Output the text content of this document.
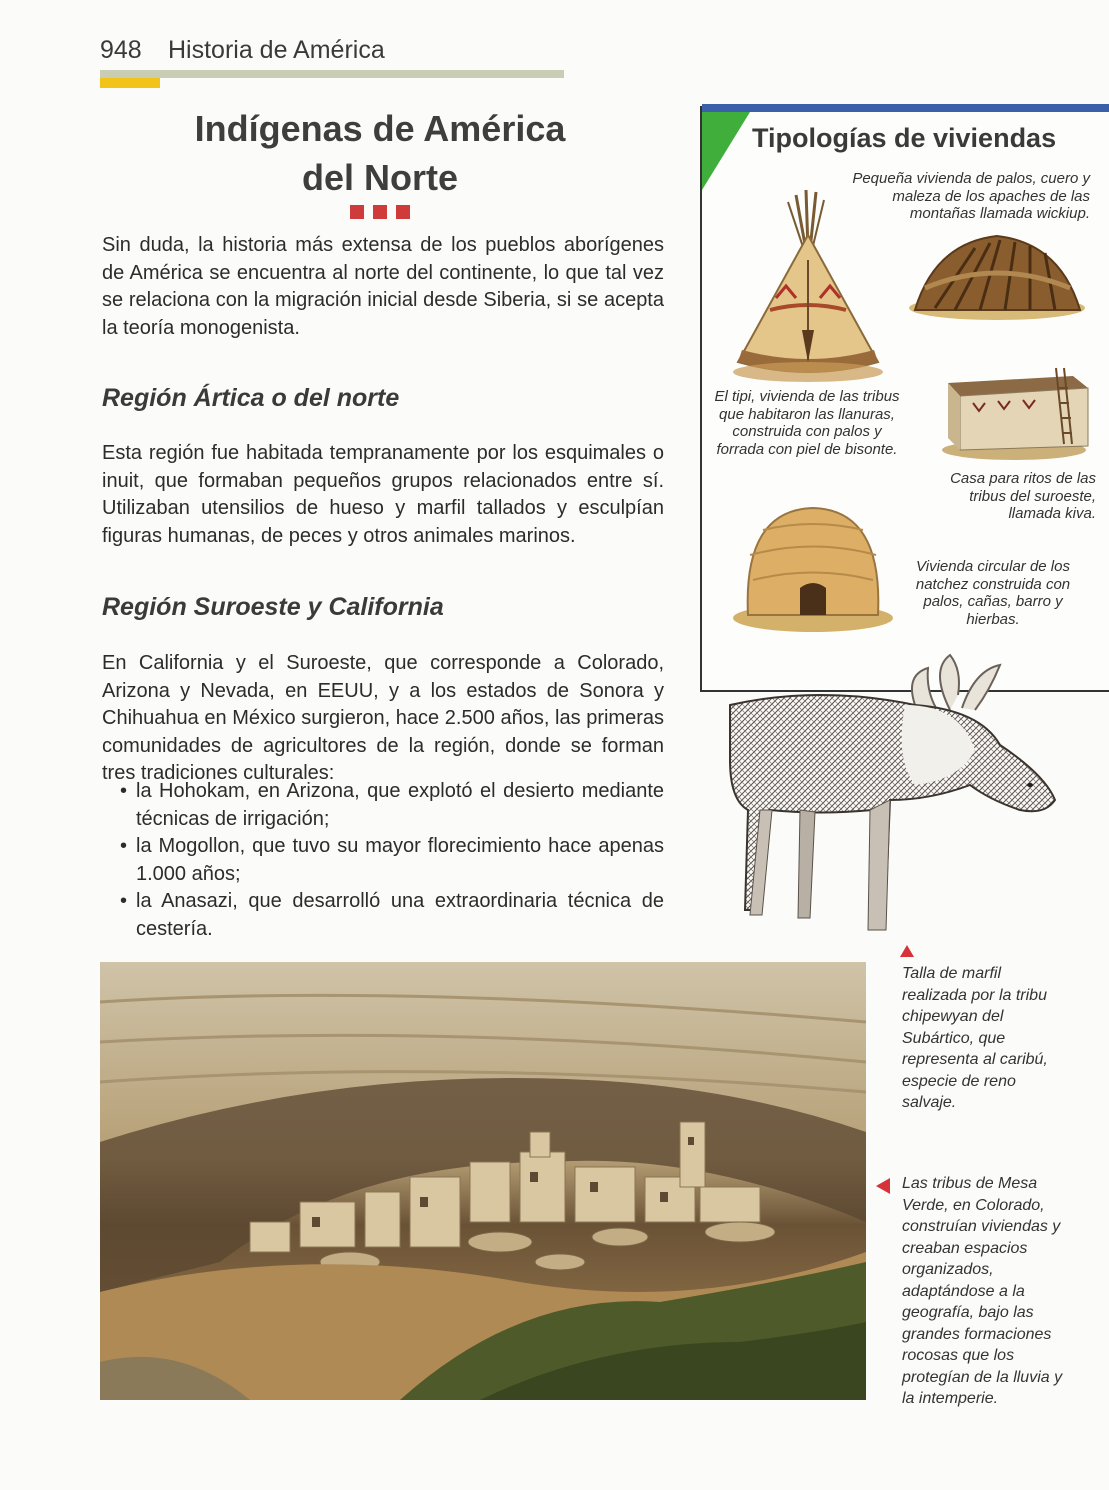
948 Historia de América
Indígenas de América
del Norte
Sin duda, la historia más extensa de los pueblos aborígenes de América se encuentra al norte del continente, lo que tal vez se relaciona con la migración inicial desde Siberia, si se acepta la teoría monogenista.
Región Ártica o del norte
Esta región fue habitada tempranamente por los esquimales o inuit, que formaban pequeños grupos relacionados entre sí. Utilizaban utensilios de hueso y marfil tallados y esculpían figuras humanas, de peces y otros animales marinos.
Región Suroeste y California
En California y el Suroeste, que corresponde a Colorado, Arizona y Nevada, en EEUU, y a los estados de Sonora y Chihuahua en México surgieron, hace 2.500 años, las primeras comunidades de agricultores de la región, donde se forman tres tradiciones culturales:
• la Hohokam, en Arizona, que explotó el desierto mediante técnicas de irrigación;
• la Mogollon, que tuvo su mayor florecimiento hace apenas 1.000 años;
• la Anasazi, que desarrolló una extraordinaria técnica de cestería.
Tipologías de viviendas
Pequeña vivienda de palos, cuero y maleza de los apaches de las montañas llamada wickiup.
El tipi, vivienda de las tribus que habitaron las llanuras, construida con palos y forrada con piel de bisonte.
Casa para ritos de las tribus del suroeste, llamada kiva.
Vivienda circular de los natchez construida con palos, cañas, barro y hierbas.
Talla de marfil realizada por la tribu chipewyan del Subártico, que representa al caribú, especie de reno salvaje.
Las tribus de Mesa Verde, en Colorado, construían viviendas y creaban espacios organizados, adaptándose a la geografía, bajo las grandes formaciones rocosas que los protegían de la lluvia y la intemperie.
